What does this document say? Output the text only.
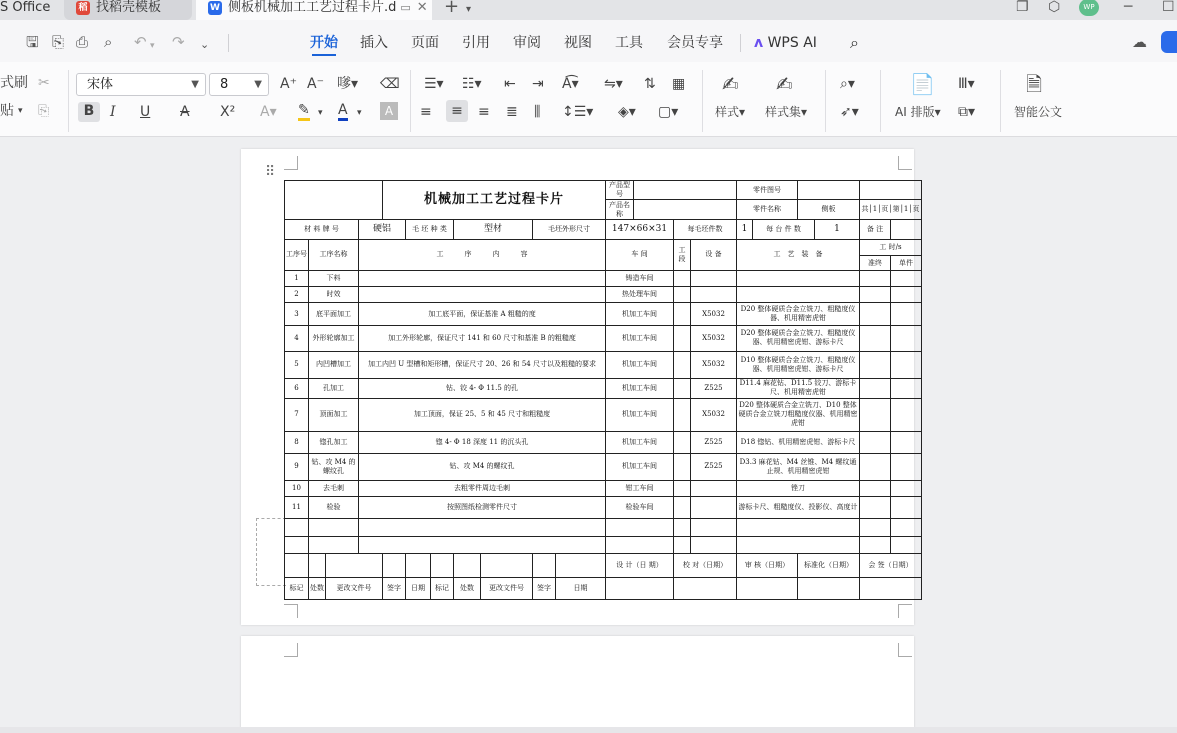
S Office	稻 找稻壳模板	W 侧板机械加工工艺过程卡片.d ▭ ✕ + ▾	❐ ⬡	WP	─ ☐
🖫 ⎘ ⎙ ⌕ ↶ ▾ ↷ ⌄	开始 插入 页面 引用 审阅 视图 工具 会员专享 ᴧ WPS AI ⌕	☁
式刷 ✂
贴 ▾ ⎘
宋体	▼	8	▼ A⁺ A⁻ 嗲▾ ⌫
B	I U A X² A▾ ✎ ▾ A ▾	A
☰▾ ☷▾ ⇤ ⇥ A͡▾ ⇋▾ ⇅ ▦
≡	≡	≡ ≣ ⫼ ↕☰▾ ◈▾ ▢▾
✍
样式▾
✍
样式集▾
⌕▾
➶▾
📄
AI 排版▾
Ⅲ▾
⧉▾
🗎
智能公文
⠿
				机械加工工艺过程卡片							产品型号				零件图号					
											产品名称				零件名称		侧板		共│1│页│第│1│页	
材 料 牌 号			硬铝		毛 坯 种 类		型材		毛坯外形尺寸		147×66×31		每毛坯件数		1	每 台 件 数		1	备 注	
工序号	工序名称		工　　　序　　　内　　　容								车 间		工 段	设 备	工　艺　装　备				工 时/s	
																			准终	单件
1	下料										铸造车间									
2	时效										热处理车间									
3	底平面加工		加工底平面，保证基准 A 粗糙的度								机加工车间			X5032	D20 整体硬质合金立铣刀、粗糙度仪器、机用精密虎钳					
4	外形轮廓加工		加工外形轮廓，保证尺寸 141 和 60 尺寸和基准 B 的粗糙度								机加工车间			X5032	D20 整体硬质合金立铣刀、粗糙度仪器、机用精密虎钳、游标卡尺					
5	内凹槽加工		加工内凹 U 型槽和矩形槽，保证尺寸 20、26 和 54 尺寸以及粗糙的要求								机加工车间			X5032	D10 整体硬质合金立铣刀、粗糙度仪器、机用精密虎钳、游标卡尺					
6	孔加工		钻、铰 4- Φ 11.5 的孔								机加工车间			Z525	D11.4 麻花钻、D11.5 铰刀、游标卡尺、机用精密虎钳					
7	顶面加工		加工顶面，保证 25、5 和 45 尺寸和粗糙度								机加工车间			X5032	D20 整体硬质合金立铣刀、D10 整体硬质合金立铣刀粗糙度仪器、机用精密虎钳					
8	锪孔加工		锪 4- Φ 18 深度 11 的沉头孔								机加工车间			Z525	D18 锪钻、机用精密虎钳、游标卡尺					
9	钻、攻 M4 的螺纹孔		钻、攻 M4 的螺纹孔								机加工车间			Z525	D3.3 麻花钻、M4 丝锥、M4 螺纹通止规、机用精密虎钳					
10	去毛刺		去粗零件周边毛刺								钳工车间				锉刀					
11	检验		按照图纸检测零件尺寸								检验车间				游标卡尺、粗糙度仪、投影仪、高度计					

											设 计（日 期）		校 对（日期）		审 核（日期）		标准化（日期）		会 签（日期）	
标记	处数	更改文件号		签字	日期	标记	处数	更改文件号	签字	日期										
